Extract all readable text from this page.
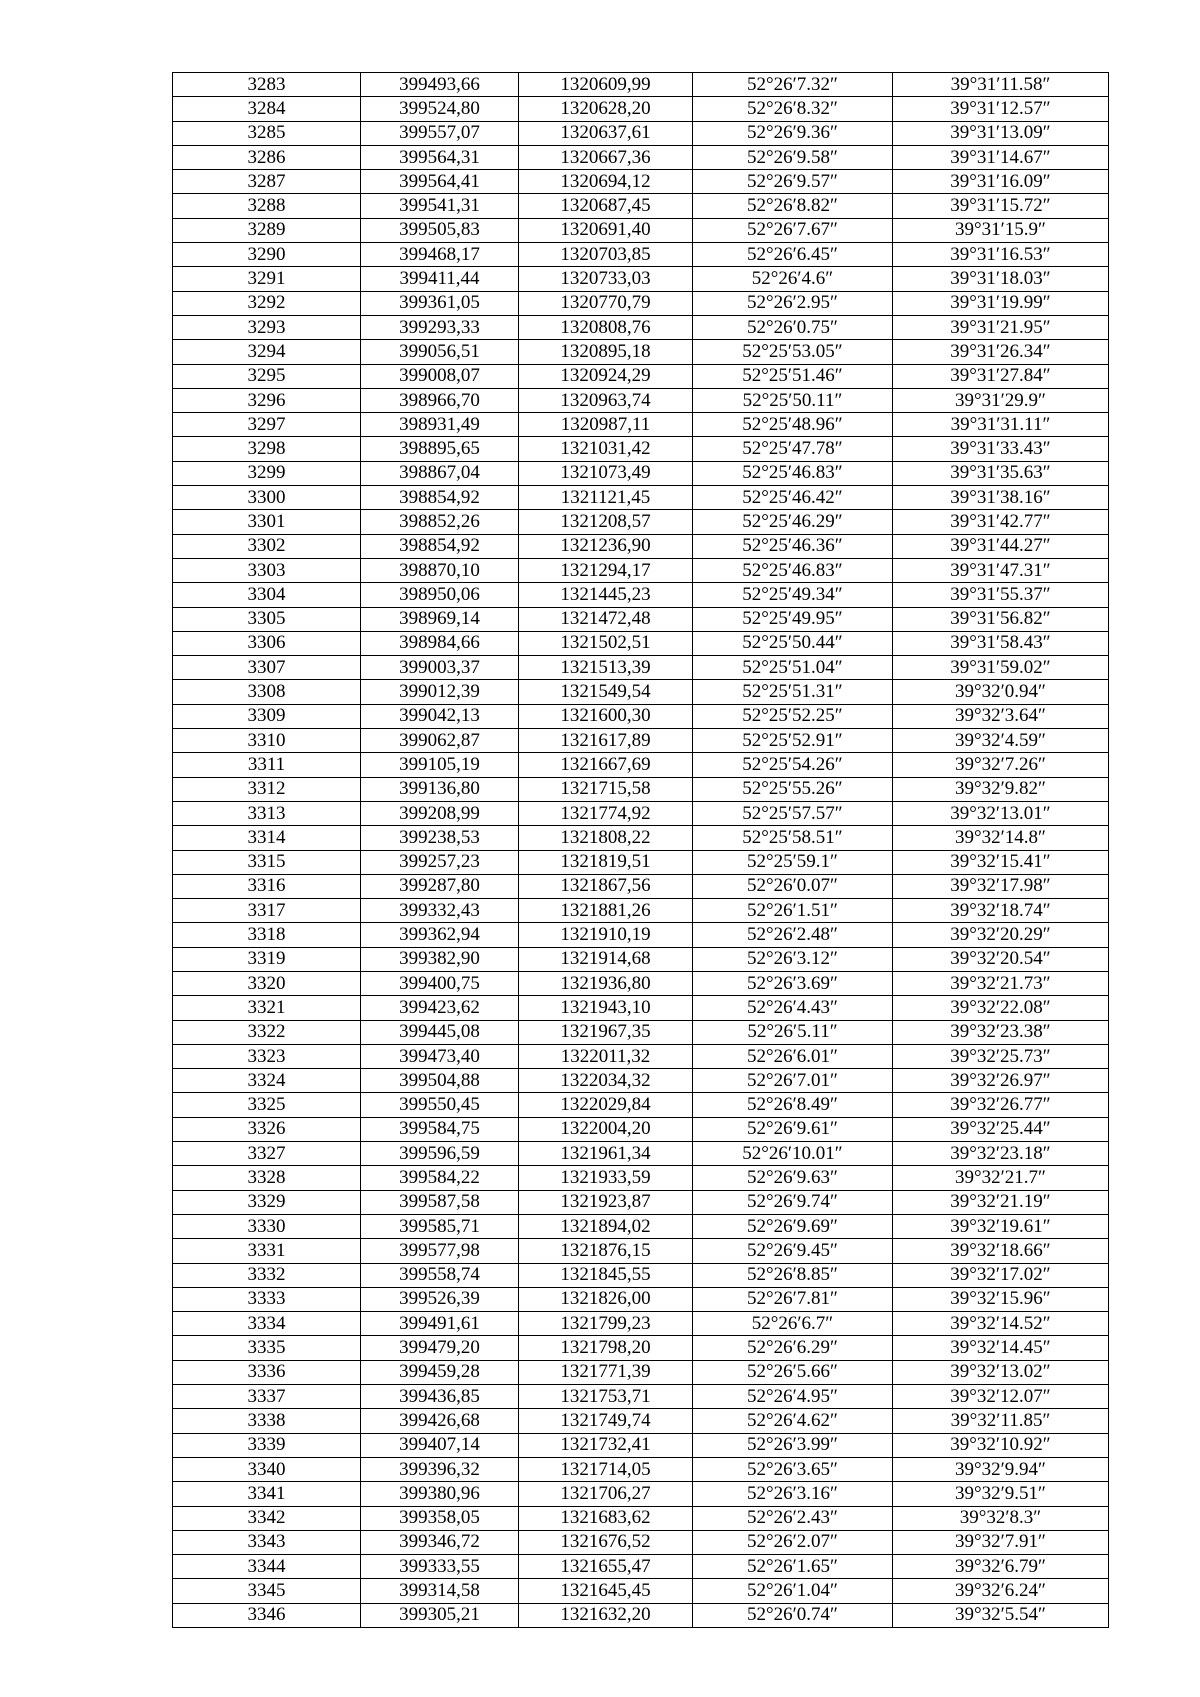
3283	399493,66	1320609,99	52°26′7.32″	39°31′11.58″
3284	399524,80	1320628,20	52°26′8.32″	39°31′12.57″
3285	399557,07	1320637,61	52°26′9.36″	39°31′13.09″
3286	399564,31	1320667,36	52°26′9.58″	39°31′14.67″
3287	399564,41	1320694,12	52°26′9.57″	39°31′16.09″
3288	399541,31	1320687,45	52°26′8.82″	39°31′15.72″
3289	399505,83	1320691,40	52°26′7.67″	39°31′15.9″
3290	399468,17	1320703,85	52°26′6.45″	39°31′16.53″
3291	399411,44	1320733,03	52°26′4.6″	39°31′18.03″
3292	399361,05	1320770,79	52°26′2.95″	39°31′19.99″
3293	399293,33	1320808,76	52°26′0.75″	39°31′21.95″
3294	399056,51	1320895,18	52°25′53.05″	39°31′26.34″
3295	399008,07	1320924,29	52°25′51.46″	39°31′27.84″
3296	398966,70	1320963,74	52°25′50.11″	39°31′29.9″
3297	398931,49	1320987,11	52°25′48.96″	39°31′31.11″
3298	398895,65	1321031,42	52°25′47.78″	39°31′33.43″
3299	398867,04	1321073,49	52°25′46.83″	39°31′35.63″
3300	398854,92	1321121,45	52°25′46.42″	39°31′38.16″
3301	398852,26	1321208,57	52°25′46.29″	39°31′42.77″
3302	398854,92	1321236,90	52°25′46.36″	39°31′44.27″
3303	398870,10	1321294,17	52°25′46.83″	39°31′47.31″
3304	398950,06	1321445,23	52°25′49.34″	39°31′55.37″
3305	398969,14	1321472,48	52°25′49.95″	39°31′56.82″
3306	398984,66	1321502,51	52°25′50.44″	39°31′58.43″
3307	399003,37	1321513,39	52°25′51.04″	39°31′59.02″
3308	399012,39	1321549,54	52°25′51.31″	39°32′0.94″
3309	399042,13	1321600,30	52°25′52.25″	39°32′3.64″
3310	399062,87	1321617,89	52°25′52.91″	39°32′4.59″
3311	399105,19	1321667,69	52°25′54.26″	39°32′7.26″
3312	399136,80	1321715,58	52°25′55.26″	39°32′9.82″
3313	399208,99	1321774,92	52°25′57.57″	39°32′13.01″
3314	399238,53	1321808,22	52°25′58.51″	39°32′14.8″
3315	399257,23	1321819,51	52°25′59.1″	39°32′15.41″
3316	399287,80	1321867,56	52°26′0.07″	39°32′17.98″
3317	399332,43	1321881,26	52°26′1.51″	39°32′18.74″
3318	399362,94	1321910,19	52°26′2.48″	39°32′20.29″
3319	399382,90	1321914,68	52°26′3.12″	39°32′20.54″
3320	399400,75	1321936,80	52°26′3.69″	39°32′21.73″
3321	399423,62	1321943,10	52°26′4.43″	39°32′22.08″
3322	399445,08	1321967,35	52°26′5.11″	39°32′23.38″
3323	399473,40	1322011,32	52°26′6.01″	39°32′25.73″
3324	399504,88	1322034,32	52°26′7.01″	39°32′26.97″
3325	399550,45	1322029,84	52°26′8.49″	39°32′26.77″
3326	399584,75	1322004,20	52°26′9.61″	39°32′25.44″
3327	399596,59	1321961,34	52°26′10.01″	39°32′23.18″
3328	399584,22	1321933,59	52°26′9.63″	39°32′21.7″
3329	399587,58	1321923,87	52°26′9.74″	39°32′21.19″
3330	399585,71	1321894,02	52°26′9.69″	39°32′19.61″
3331	399577,98	1321876,15	52°26′9.45″	39°32′18.66″
3332	399558,74	1321845,55	52°26′8.85″	39°32′17.02″
3333	399526,39	1321826,00	52°26′7.81″	39°32′15.96″
3334	399491,61	1321799,23	52°26′6.7″	39°32′14.52″
3335	399479,20	1321798,20	52°26′6.29″	39°32′14.45″
3336	399459,28	1321771,39	52°26′5.66″	39°32′13.02″
3337	399436,85	1321753,71	52°26′4.95″	39°32′12.07″
3338	399426,68	1321749,74	52°26′4.62″	39°32′11.85″
3339	399407,14	1321732,41	52°26′3.99″	39°32′10.92″
3340	399396,32	1321714,05	52°26′3.65″	39°32′9.94″
3341	399380,96	1321706,27	52°26′3.16″	39°32′9.51″
3342	399358,05	1321683,62	52°26′2.43″	39°32′8.3″
3343	399346,72	1321676,52	52°26′2.07″	39°32′7.91″
3344	399333,55	1321655,47	52°26′1.65″	39°32′6.79″
3345	399314,58	1321645,45	52°26′1.04″	39°32′6.24″
3346	399305,21	1321632,20	52°26′0.74″	39°32′5.54″
